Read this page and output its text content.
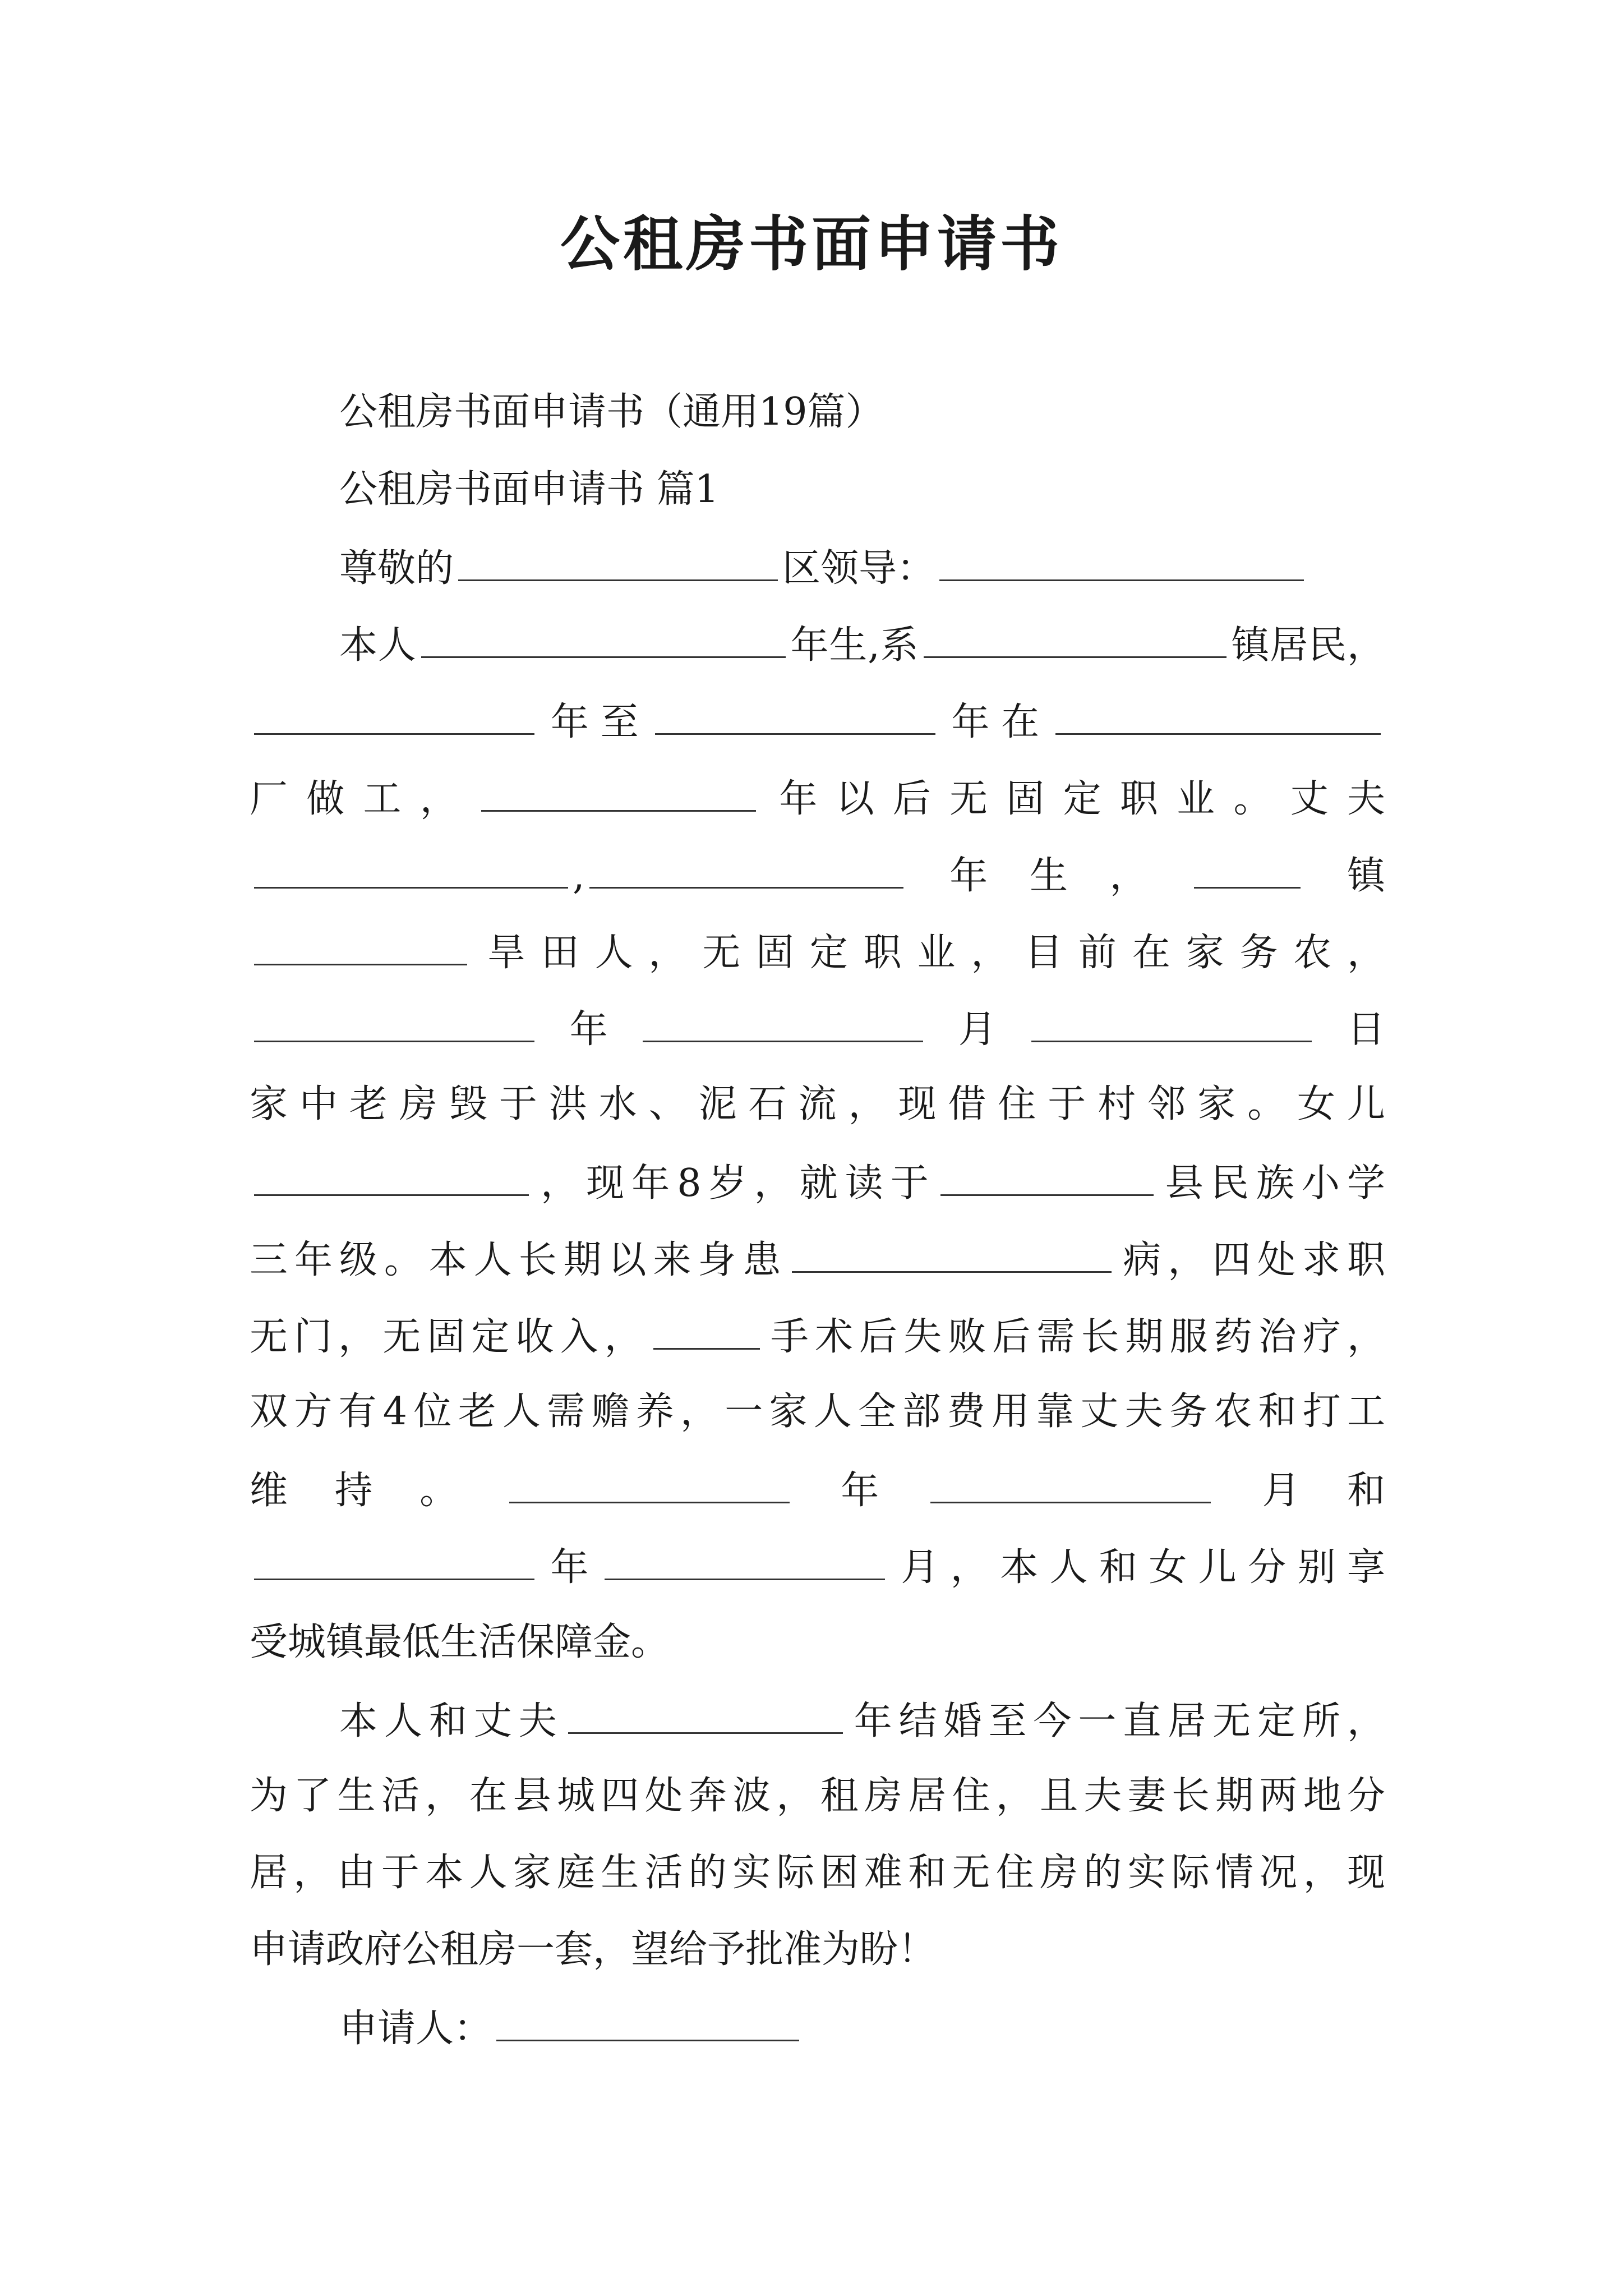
公租房书面申请书
公租房书面申请书（通用19篇）
公租房书面申请书 篇1
尊敬的	区领导：
本人	年生,系	镇居民，
年至	年在
厂做工，	年以后无固定职业。丈夫
,	年生，	镇
旱田人，无固定职业，目前在家务农，
年	月	日
家中老房毁于洪水、泥石流，现借住于村邻家。女儿
，现年8岁，就读于	县民族小学
三年级。本人长期以来身患	病，四处求职
无门，无固定收入，	手术后失败后需长期服药治疗，
双方有4位老人需赡养，一家人全部费用靠丈夫务农和打工
维持。	年	月和
年	月，本人和女儿分别享
受城镇最低生活保障金。
本人和丈夫	年结婚至今一直居无定所，
为了生活，在县城四处奔波，租房居住，且夫妻长期两地分
居，由于本人家庭生活的实际困难和无住房的实际情况，现
申请政府公租房一套，望给予批准为盼！
申请人：
